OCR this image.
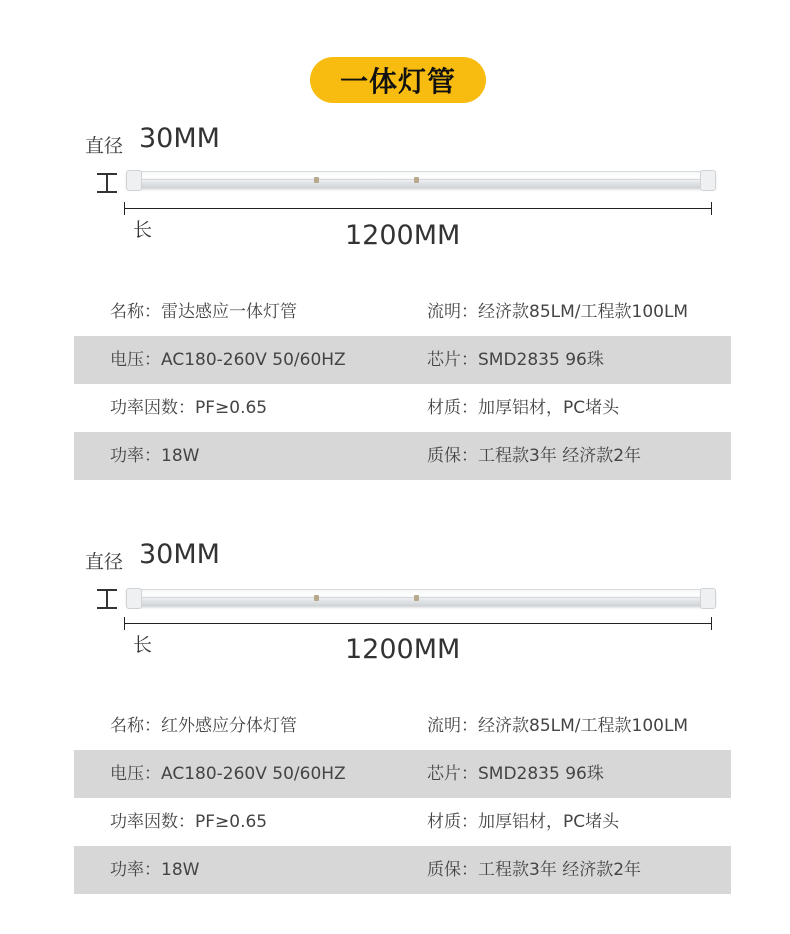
一体灯管
直径 30MM
长	1200MM
名称：雷达感应一体灯管	流明：经济款85LM/工程款100LM
电压：AC180-260V 50/60HZ	芯片：SMD2835 96珠
功率因数：PF≥0.65	材质：加厚铝材，PC堵头
功率：18W	质保：工程款3年 经济款2年
直径 30MM
长	1200MM
名称：红外感应分体灯管	流明：经济款85LM/工程款100LM
电压：AC180-260V 50/60HZ	芯片：SMD2835 96珠
功率因数：PF≥0.65	材质：加厚铝材，PC堵头
功率：18W	质保：工程款3年 经济款2年
